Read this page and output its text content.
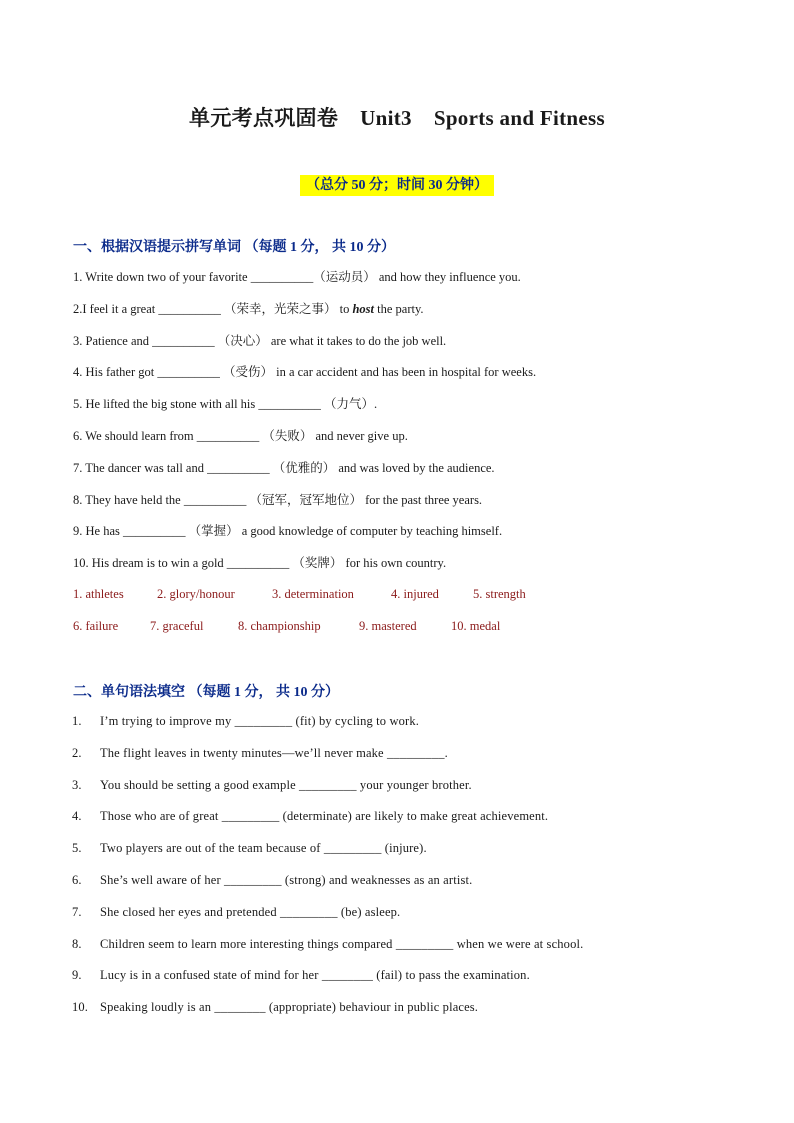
单元考点巩固卷 Unit3 Sports and Fitness
（总分 50 分；时间 30 分钟）
一、根据汉语提示拼写单词 （每题 1 分， 共 10 分）
1. Write down two of your favorite __________（运动员） and how they influence you.
2.I feel it a great __________ （荣幸，光荣之事） to host the party.
3. Patience and __________ （决心） are what it takes to do the job well.
4. His father got __________ （受伤） in a car accident and has been in hospital for weeks.
5. He lifted the big stone with all his __________ （力气）.
6. We should learn from __________ （失败） and never give up.
7. The dancer was tall and __________ （优雅的） and was loved by the audience.
8. They have held the __________ （冠军，冠军地位） for the past three years.
9. He has __________ （掌握） a good knowledge of computer by teaching himself.
10. His dream is to win a gold __________ （奖牌） for his own country.
1. athletes	2. glory/honour	3. determination	4. injured	5. strength
6. failure	7. graceful	8. championship	9. mastered	10. medal
二、单句语法填空 （每题 1 分， 共 10 分）
1. I’m trying to improve my _________ (fit) by cycling to work.
2. The flight leaves in twenty minutes—we’ll never make _________.
3. You should be setting a good example _________ your younger brother.
4. Those who are of great _________ (determinate) are likely to make great achievement.
5. Two players are out of the team because of _________ (injure).
6. She’s well aware of her _________ (strong) and weaknesses as an artist.
7. She closed her eyes and pretended _________ (be) asleep.
8. Children seem to learn more interesting things compared _________ when we were at school.
9. Lucy is in a confused state of mind for her ________ (fail) to pass the examination.
10. Speaking loudly is an ________ (appropriate) behaviour in public places.
